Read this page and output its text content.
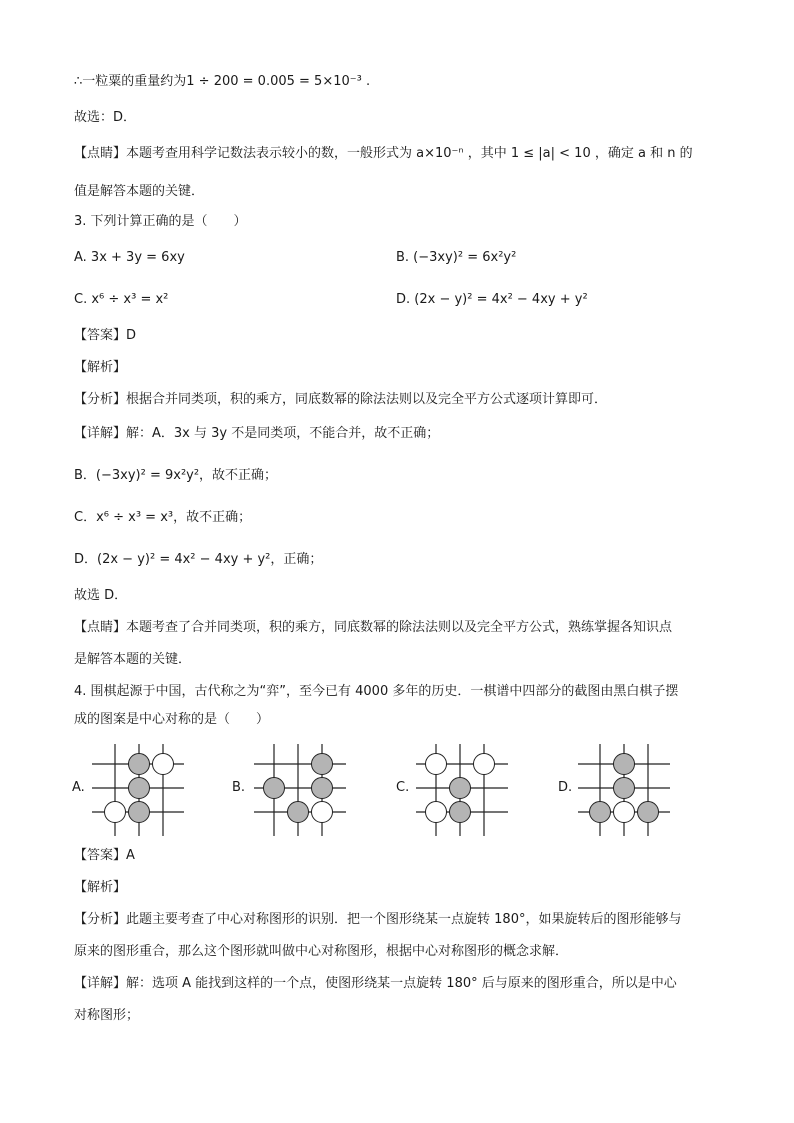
∴一粒粟的重量约为1 ÷ 200 = 0.005 = 5×10⁻³ .
故选：D．
【点睛】本题考查用科学记数法表示较小的数，一般形式为 a×10⁻ⁿ ，其中 1 ≤ |a| < 10 ，确定 a 和 n 的
值是解答本题的关键．
3. 下列计算正确的是（　　）
A. 3x + 3y = 6xy	B. (−3xy)² = 6x²y²
C. x⁶ ÷ x³ = x²	D. (2x − y)² = 4x² − 4xy + y²
【答案】D
【解析】
【分析】根据合并同类项，积的乘方，同底数幂的除法法则以及完全平方公式逐项计算即可．
【详解】解：A．3x 与 3y 不是同类项，不能合并，故不正确；
B．(−3xy)² = 9x²y²，故不正确；
C．x⁶ ÷ x³ = x³，故不正确；
D．(2x − y)² = 4x² − 4xy + y²，正确；
故选 D．
【点睛】本题考查了合并同类项，积的乘方，同底数幂的除法法则以及完全平方公式，熟练掌握各知识点
是解答本题的关键．
4. 围棋起源于中国，古代称之为“弈”，至今已有 4000 多年的历史．一棋谱中四部分的截图由黑白棋子摆
成的图案是中心对称的是（　　）
A.	B.	C.	D.
【答案】A
【解析】
【分析】此题主要考查了中心对称图形的识别．把一个图形绕某一点旋转 180°，如果旋转后的图形能够与
原来的图形重合，那么这个图形就叫做中心对称图形，根据中心对称图形的概念求解．
【详解】解：选项 A 能找到这样的一个点，使图形绕某一点旋转 180° 后与原来的图形重合，所以是中心
对称图形；
